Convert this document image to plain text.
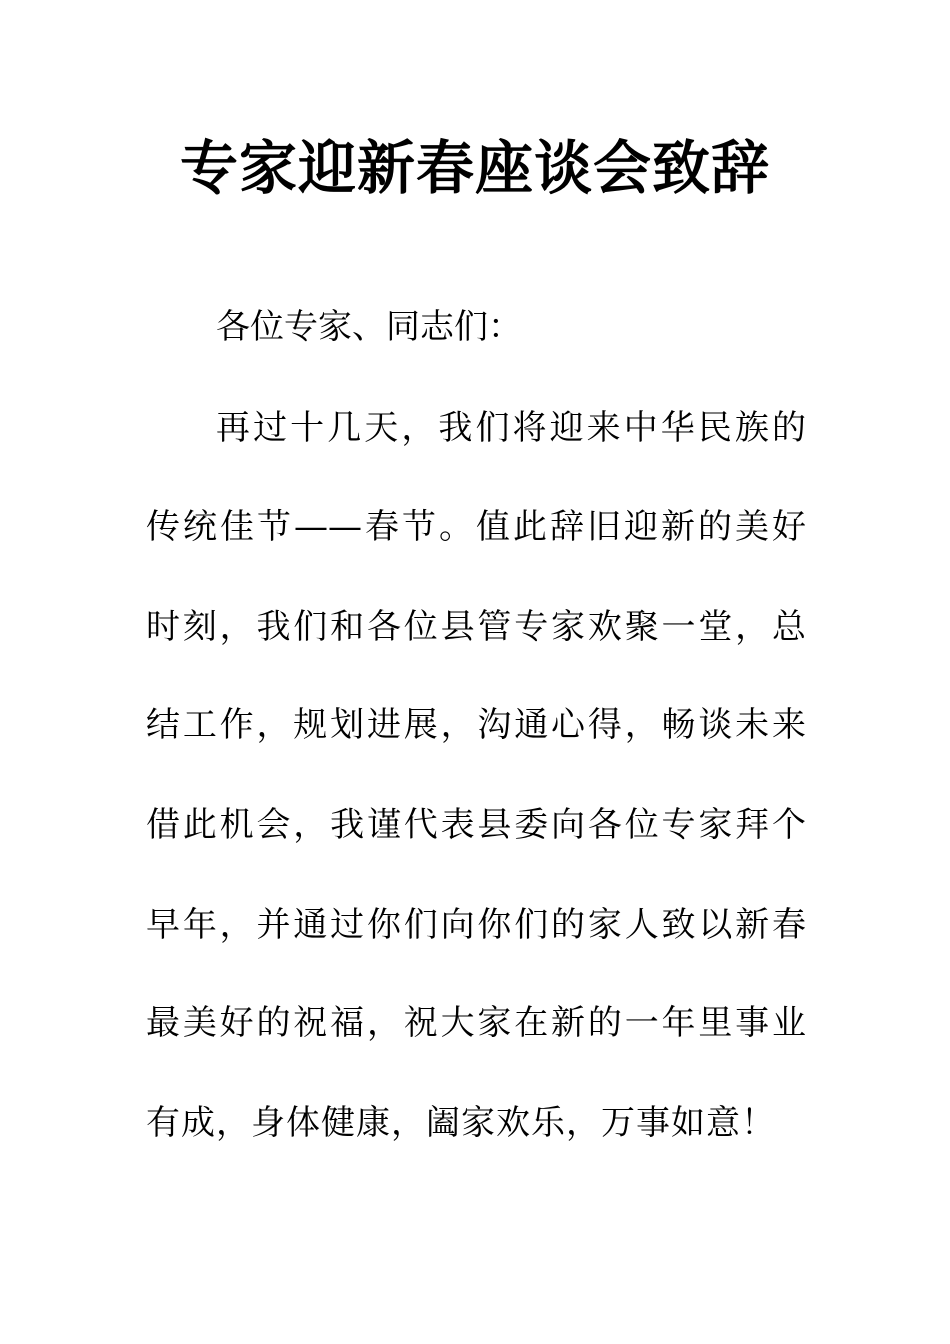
专家迎新春座谈会致辞
各位专家、同志们：
再过十几天，我们将迎来中华民族的
传统佳节——春节。值此辞旧迎新的美好
时刻，我们和各位县管专家欢聚一堂，总
结工作，规划进展，沟通心得，畅谈未来
借此机会，我谨代表县委向各位专家拜个
早年，并通过你们向你们的家人致以新春
最美好的祝福，祝大家在新的一年里事业
有成，身体健康，阖家欢乐，万事如意！
